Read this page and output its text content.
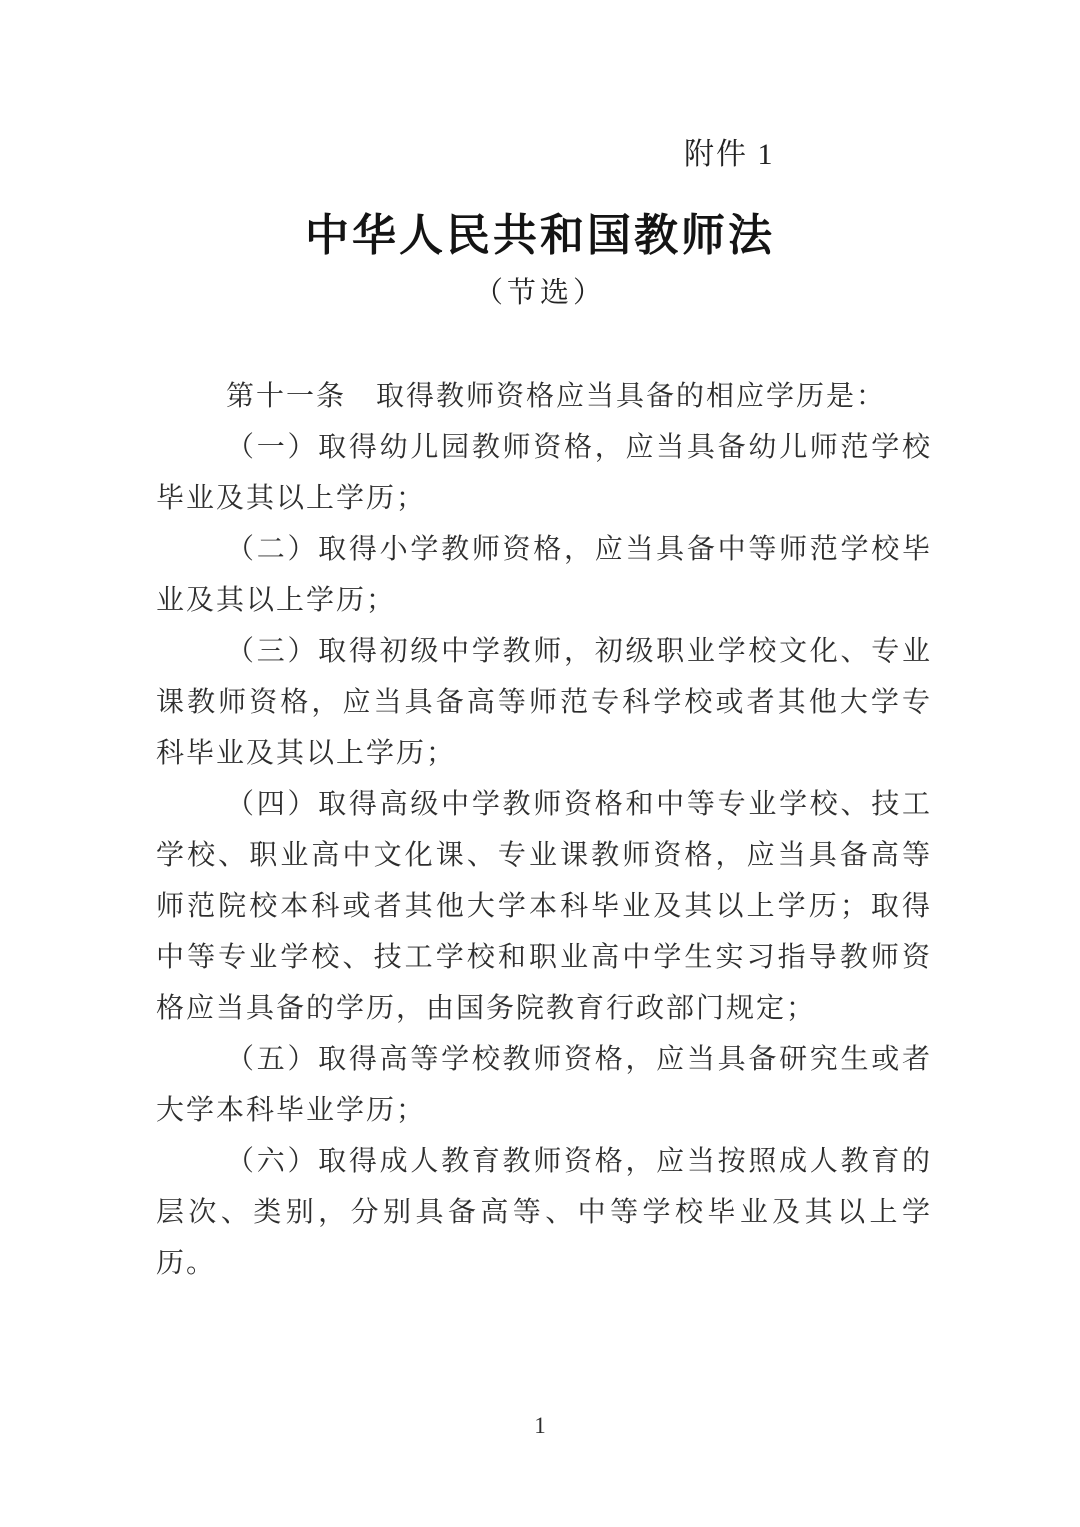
附件 1
中华人民共和国教师法
（节选）

第十一条　取得教师资格应当具备的相应学历是：

（一）取得幼儿园教师资格，应当具备幼儿师范学校毕业及其以上学历；

（二）取得小学教师资格，应当具备中等师范学校毕业及其以上学历；

（三）取得初级中学教师，初级职业学校文化、专业课教师资格，应当具备高等师范专科学校或者其他大学专科毕业及其以上学历；

（四）取得高级中学教师资格和中等专业学校、技工学校、职业高中文化课、专业课教师资格，应当具备高等师范院校本科或者其他大学本科毕业及其以上学历；取得中等专业学校、技工学校和职业高中学生实习指导教师资格应当具备的学历，由国务院教育行政部门规定；

（五）取得高等学校教师资格，应当具备研究生或者大学本科毕业学历；

（六）取得成人教育教师资格，应当按照成人教育的层次、类别，分别具备高等、中等学校毕业及其以上学历。

1
